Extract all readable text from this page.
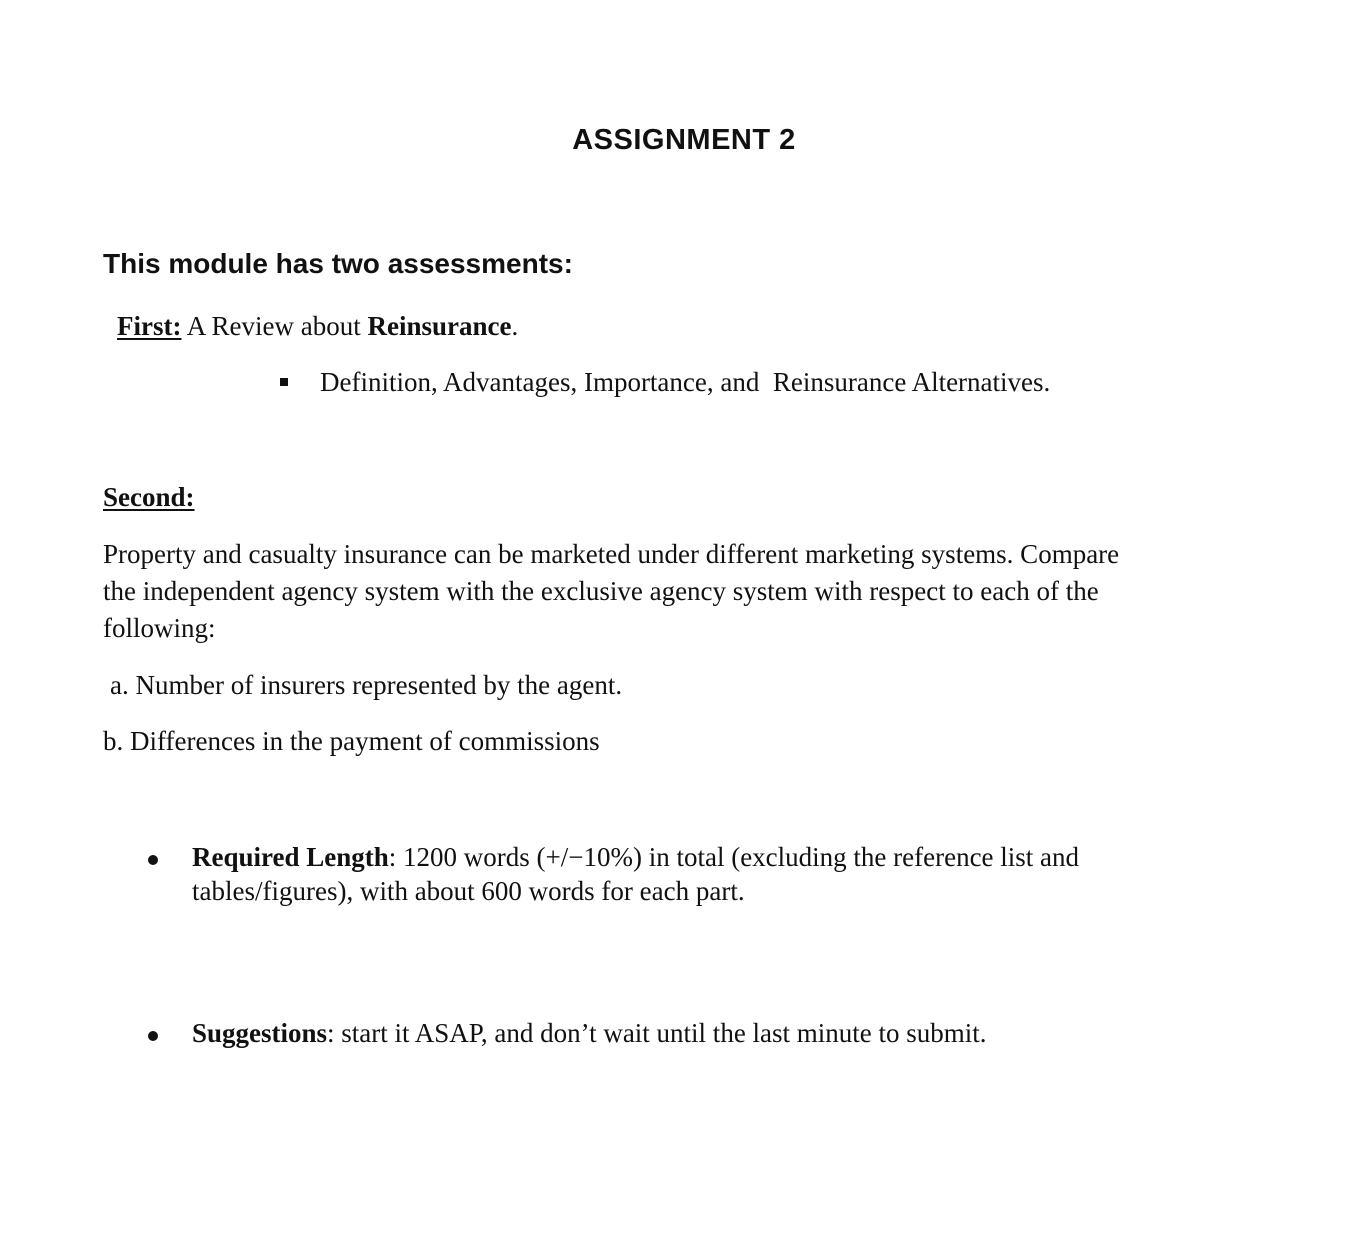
ASSIGNMENT 2
This module has two assessments:
First: A Review about Reinsurance.
Definition, Advantages, Importance, and  Reinsurance Alternatives.
Second:
Property and casualty insurance can be marketed under different marketing systems. Compare
the independent agency system with the exclusive agency system with respect to each of the
following:
a. Number of insurers represented by the agent.
b. Differences in the payment of commissions
Required Length: 1200 words (+/−10%) in total (excluding the reference list and
tables/figures), with about 600 words for each part.
Suggestions: start it ASAP, and don’t wait until the last minute to submit.
